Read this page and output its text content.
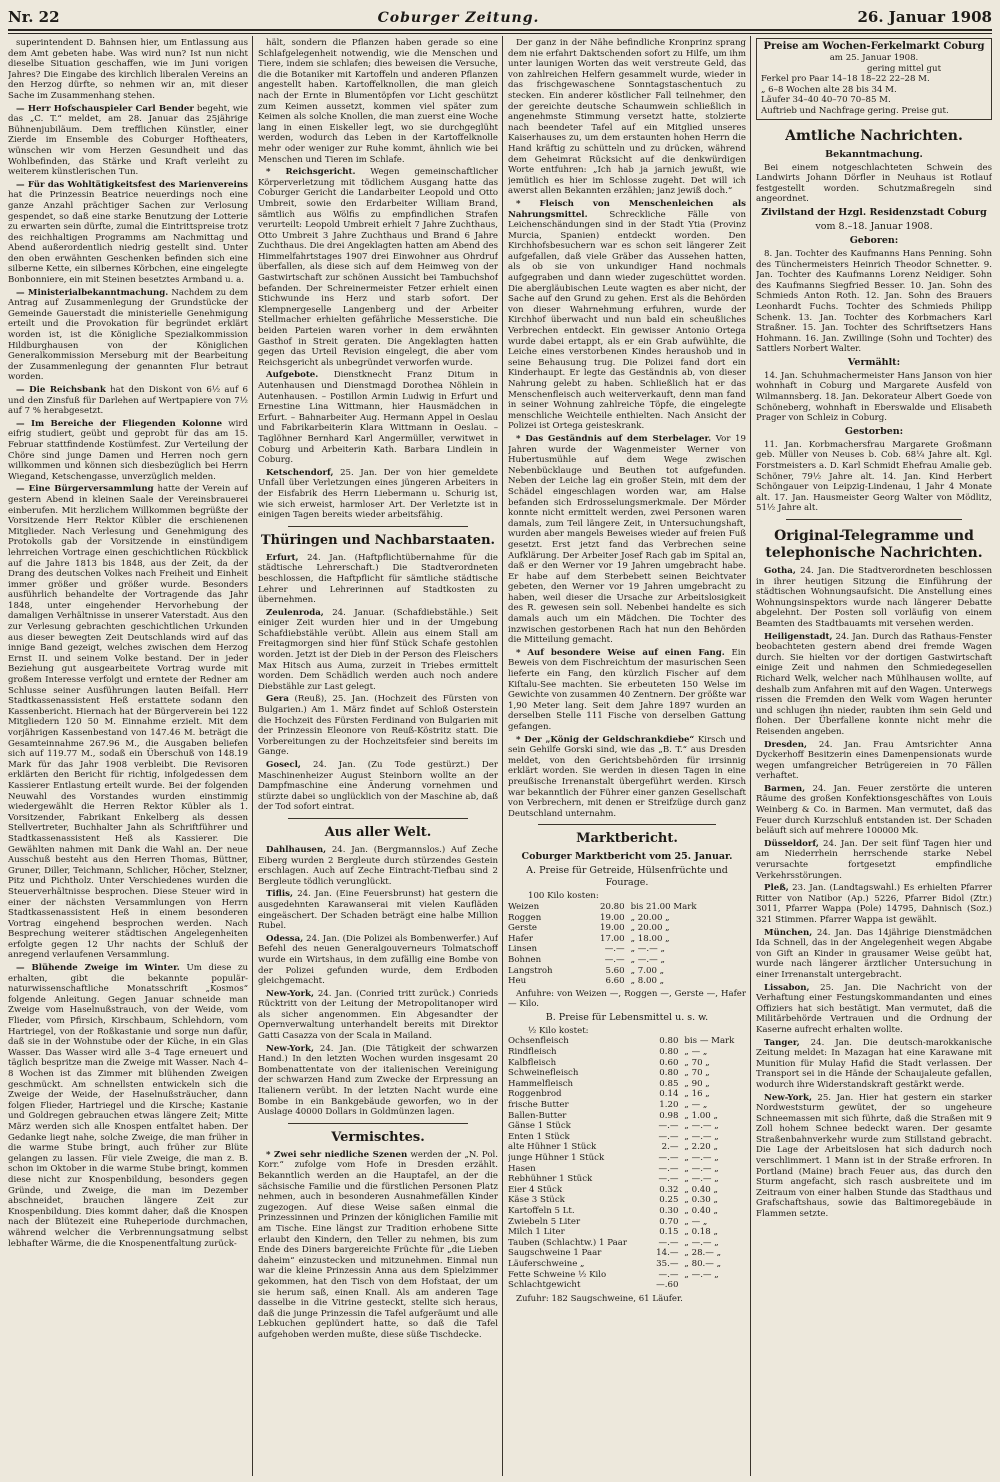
Nr. 22	Coburger Zeitung.	26. Januar 1908

superintendent D. Bahnsen hier, um Entlassung aus dem Amt gebeten habe. Was wird nun? Ist nun nicht dieselbe Situation geschaffen, wie im Juni vorigen Jahres? Die Eingabe des kirchlich liberalen Vereins an den Herzog dürfte, so nehmen wir an, mit dieser Sache im Zusammenhang stehen.

— Herr Hofschauspieler Carl Bender begeht, wie das „C. T.“ meldet, am 28. Januar das 25jährige Bühnenjubiläum. Dem trefflichen Künstler, einer Zierde im Ensemble des Coburger Hoftheaters, wünschen wir vom Herzen Gesundheit und das Wohlbefinden, das Stärke und Kraft verleiht zu weiterem künstlerischen Tun.

— Für das Wohltätigkeitsfest des Marienvereins hat die Prinzessin Beatrice neuerdings noch eine ganze Anzahl prächtiger Sachen zur Verlosung gespendet, so daß eine starke Benutzung der Lotterie zu erwarten sein dürfte, zumal die Eintrittspreise trotz des reichhaltigen Programms am Nachmittag und Abend außerordentlich niedrig gestellt sind. Unter den oben erwähnten Geschenken befinden sich eine silberne Kette, ein silbernes Körbchen, eine eingelegte Bonbonniere, ein mit Steinen besetztes Armband u. a.

— Ministerialbekanntmachung. Nachdem zu dem Antrag auf Zusammenlegung der Grundstücke der Gemeinde Gauerstadt die ministerielle Genehmigung erteilt und die Provokation für begründet erklärt worden ist, ist die Königliche Spezialkommission Hildburghausen von der Königlichen Generalkommission Merseburg mit der Bearbeitung der Zusammenlegung der genannten Flur betraut worden.

— Die Reichsbank hat den Diskont von 6½ auf 6 und den Zinsfuß für Darlehen auf Wertpapiere von 7½ auf 7 % herabgesetzt.

— Im Bereiche der Fliegenden Kolonne wird eifrig studiert, geübt und geprobt für das am 15. Februar stattfindende Kostümfest. Zur Verteilung der Chöre sind junge Damen und Herren noch gern willkommen und können sich diesbezüglich bei Herrn Wiegand, Ketschengasse, unverzüglich melden.

— Eine Bürgerversammlung hatte der Verein auf gestern Abend in kleinen Saale der Vereinsbrauerei einberufen. Mit herzlichem Willkommen begrüßte der Vorsitzende Herr Rektor Kübler die erschienenen Mitglieder. Nach Verlesung und Genehmigung des Protokolls gab der Vorsitzende in einstündigem lehrreichen Vortrage einen geschichtlichen Rückblick auf die Jahre 1813 bis 1848, aus der Zeit, da der Drang des deutschen Volkes nach Freiheit und Einheit immer größer und größer wurde. Besonders ausführlich behandelte der Vortragende das Jahr 1848, unter eingehender Hervorhebung der damaligen Verhältnisse in unserer Vaterstadt. Aus den zur Verlesung gebrachten geschichtlichen Urkunden aus dieser bewegten Zeit Deutschlands wird auf das innige Band gezeigt, welches zwischen dem Herzog Ernst II. und seinem Volke bestand. Der in jeder Beziehung gut ausgearbeitete Vortrag wurde mit großem Interesse verfolgt und erntete der Redner am Schlusse seiner Ausführungen lauten Beifall. Herr Stadtkassenassistent Heß erstattete sodann den Kassenbericht. Hiernach hat der Bürgerverein bei 122 Mitgliedern 120 50 M. Einnahme erzielt. Mit dem vorjährigen Kassenbestand von 147.46 M. beträgt die Gesamteinnahme 267.96 M., die Ausgaben beliefen sich auf 119.77 M., sodaß ein Überschuß von 148.19 Mark für das Jahr 1908 verbleibt. Die Revisoren erklärten den Bericht für richtig, infolgedessen dem Kassierer Entlastung erteilt wurde. Bei der folgenden Neuwahl des Vorstandes wurden einstimmig wiedergewählt die Herren Rektor Kübler als 1. Vorsitzender, Fabrikant Enkelberg als dessen Stellvertreter, Buchhalter Jahn als Schriftführer und Stadtkassenassistent Heß als Kassierer. Die Gewählten nahmen mit Dank die Wahl an. Der neue Ausschuß besteht aus den Herren Thomas, Büttner, Gruner, Diller, Teichmann, Schlicher, Höcher, Stelzner, Pitz und Pichtholz. Unter Verschiedenes wurden die Steuerverhältnisse besprochen. Diese Steuer wird in einer der nächsten Versammlungen von Herrn Stadtkassenassistent Heß in einem besonderen Vortrag eingehend besprochen werden. Nach Besprechung weiterer städtischen Angelegenheiten erfolgte gegen 12 Uhr nachts der Schluß der anregend verlaufenen Versammlung.

— Blühende Zweige im Winter. Um diese zu erhalten, gibt die bekannte populär-naturwissenschaftliche Monatsschrift „Kosmos“ folgende Anleitung. Gegen Januar schneide man Zweige vom Haselnußstrauch, von der Weide, vom Flieder, vom Pfirsich, Kirschbaum, Schlehdorn, vom Hartriegel, von der Roßkastanie und sorge nun dafür, daß sie in der Wohnstube oder der Küche, in ein Glas Wasser. Das Wasser wird alle 3–4 Tage erneuert und täglich bespritze man die Zweige mit Wasser. Nach 4–8 Wochen ist das Zimmer mit blühenden Zweigen geschmückt. Am schnellsten entwickeln sich die Zweige der Weide, der Haselnußsträucher, dann folgen Flieder, Hartriegel und die Kirsche; Kastanie und Goldregen gebrauchen etwas längere Zeit; Mitte März werden sich alle Knospen entfaltet haben. Der Gedanke liegt nahe, solche Zweige, die man früher in die warme Stube bringt, auch früher zur Blüte gelangen zu lassen. Für viele Zweige, die man z. B. schon im Oktober in die warme Stube bringt, kommen diese nicht zur Knospenbildung, besonders gegen Gründe, und Zweige, die man im Dezember abschneidet, brauchen längere Zeit zur Knospenbildung. Dies kommt daher, daß die Knospen nach der Blütezeit eine Ruheperiode durchmachen, während welcher die Verbrennungsatmung selbst lebhafter Wärme, die die Knospenentfaltung zurück-

hält, sondern die Pflanzen haben gerade so eine Schlafgelegenheit notwendig, wie die Menschen und Tiere, indem sie schlafen; dies beweisen die Versuche, die die Botaniker mit Kartoffeln und anderen Pflanzen angestellt haben. Kartoffelknollen, die man gleich nach der Ernte in Blumentöpfen vor Licht geschützt zum Keimen aussetzt, kommen viel später zum Keimen als solche Knollen, die man zuerst eine Woche lang in einen Eiskeller legt, wo sie durchgeglüht werden, wodurch das Leben in der Kartoffelknolle mehr oder weniger zur Ruhe kommt, ähnlich wie bei Menschen und Tieren im Schlafe.

* Reichsgericht. Wegen gemeinschaftlicher Körperverletzung mit tödlichem Ausgang hatte das Coburger Gericht die Landarbeiter Leopold und Otto Umbreit, sowie den Erdarbeiter William Brand, sämtlich aus Wölfis zu empfindlichen Strafen verurteilt: Leopold Umbreit erhielt 7 Jahre Zuchthaus, Otto Umbreit 3 Jahre Zuchthaus und Brand 6 Jahre Zuchthaus. Die drei Angeklagten hatten am Abend des Himmelfahrtstages 1907 drei Einwohner aus Ohrdruf überfallen, als diese sich auf dem Heimweg von der Gastwirtschaft zur schönen Aussicht bei Tambuchshof befanden. Der Schreinermeister Fetzer erhielt einen Stichwunde ins Herz und starb sofort. Der Klempnergeselle Langenberg und der Arbeiter Stellmacher erhielten gefährliche Messerstiche. Die beiden Parteien waren vorher in dem erwähnten Gasthof in Streit geraten. Die Angeklagten hatten gegen das Urteil Revision eingelegt, die aber vom Reichsgericht als unbegründet verworfen wurde.

Aufgebote. Dienstknecht Franz Ditum in Autenhausen und Dienstmagd Dorothea Nöhlein in Autenhausen. – Postillon Armin Ludwig in Erfurt und Ernestine Lina Wittmann, hier Hausmädchen in Erfurt. – Bahnarbeiter Aug. Hermann Appel in Oeslau und Fabrikarbeiterin Klara Wittmann in Oeslau. – Taglöhner Bernhard Karl Angermüller, verwitwet in Coburg und Arbeiterin Kath. Barbara Lindlein in Coburg.

Ketschendorf, 25. Jan. Der von hier gemeldete Unfall über Verletzungen eines jüngeren Arbeiters in der Eisfabrik des Herrn Liebermann u. Schurig ist, wie sich erweist, harmloser Art. Der Verletzte ist in einigen Tagen bereits wieder arbeitsfähig.

Thüringen und Nachbarstaaten.

Erfurt, 24. Jan. (Haftpflichtübernahme für die städtische Lehrerschaft.) Die Stadtverordneten beschlossen, die Haftpflicht für sämtliche städtische Lehrer und Lehrerinnen auf Stadtkosten zu übernehmen.

Zeulenroda, 24. Januar. (Schafdiebstähle.) Seit einiger Zeit wurden hier und in der Umgebung Schafdiebstähle verübt. Allein aus einem Stall am Freitagmorgen sind hier fünf Stück Schafe gestohlen worden. Jetzt ist der Dieb in der Person des Fleischers Max Hitsch aus Auma, zurzeit in Triebes ermittelt worden. Dem Schädlich werden auch noch andere Diebstähle zur Last gelegt.

Gera (Reuß), 25. Jan. (Hochzeit des Fürsten von Bulgarien.) Am 1. März findet auf Schloß Osterstein die Hochzeit des Fürsten Ferdinand von Bulgarien mit der Prinzessin Eleonore von Reuß-Köstritz statt. Die Vorbereitungen zu der Hochzeitsfeier sind bereits im Gange.

Gosecl, 24. Jan. (Zu Tode gestürzt.) Der Maschinenheizer August Steinborn wollte an der Dampfmaschine eine Änderung vornehmen und stürzte dabei so unglücklich von der Maschine ab, daß der Tod sofort eintrat.

Aus aller Welt.

Dahlhausen, 24. Jan. (Bergmannslos.) Auf Zeche Eiberg wurden 2 Bergleute durch stürzendes Gestein erschlagen. Auch auf Zeche Eintracht-Tiefbau sind 2 Bergleute tödlich verunglückt.

Tiflis, 24. Jan. (Eine Feuersbrunst) hat gestern die ausgedehnten Karawanserai mit vielen Kaufläden eingeäschert. Der Schaden beträgt eine halbe Million Rubel.

Odessa, 24. Jan. (Die Polizei als Bombenwerfer.) Auf Befehl des neuen Generalgouverneurs Tolmatschoff wurde ein Wirtshaus, in dem zufällig eine Bombe von der Polizei gefunden wurde, dem Erdboden gleichgemacht.

New-York, 24. Jan. (Conried tritt zurück.) Conrieds Rücktritt von der Leitung der Metropolitanoper wird als sicher angenommen. Ein Abgesandter der Opernverwaltung unterhandelt bereits mit Direktor Gatti Casazza von der Scala in Mailand.

New-York, 24. Jan. (Die Tätigkeit der schwarzen Hand.) In den letzten Wochen wurden insgesamt 20 Bombenattentate von der italienischen Vereinigung der schwarzen Hand zum Zwecke der Erpressung an Italienern verübt. In der letzten Nacht wurde eine Bombe in ein Bankgebäude geworfen, wo in der Auslage 40000 Dollars in Goldmünzen lagen.

Vermischtes.

* Zwei sehr niedliche Szenen werden der „N. Pol. Korr.“ zufolge vom Hofe in Dresden erzählt. Bekanntlich werden an die Hauptafel, an der die sächsische Familie und die fürstlichen Personen Platz nehmen, auch in besonderen Ausnahmefällen Kinder zugezogen. Auf diese Weise saßen einmal die Prinzessinnen und Prinzen der königlichen Familie mit am Tische. Eine längst zur Tradition erhobene Sitte erlaubt den Kindern, den Teller zu nehmen, bis zum Ende des Diners bargereichte Früchte für „die Lieben daheim“ einzustecken und mitzunehmen. Einmal nun war die kleine Prinzessin Anna aus dem Spielzimmer gekommen, hat den Tisch von dem Hofstaat, der um sie herum saß, einen Knall. Als am anderen Tage dasselbe in die Vitrine gesteckt, stellte sich heraus, daß die junge Prinzessin die Tafel aufgeräumt und alle Lebkuchen geplündert hatte, so daß die Tafel aufgehoben werden mußte, diese süße Tischdecke.

Der ganz in der Nähe befindliche Kronprinz sprang dem nie erfahrt Daktschenden sofort zu Hilfe, um ihm unter launigen Worten das weit verstreute Geld, das von zahlreichen Helfern gesammelt wurde, wieder in das frischgewaschene Sonntagstaschentuch zu stecken. Ein anderer köstlicher Fall teilnehmer, den der gereichte deutsche Schaumwein schließlich in angenehmste Stimmung versetzt hatte, stolzierte nach beendeter Tafel auf ein Mitglied unseres Kaiserhauses zu, um dem erstaunten hohen Herrn die Hand kräftig zu schütteln und zu drücken, während dem Geheimrat Rücksicht auf die denkwürdigen Worte entfuhren: „Ich hab ja jarnich jewußt, wie jemütlich es hier im Schlosse zugeht. Det will ich awerst allen Bekannten erzählen; janz jewiß doch.“

* Fleisch von Menschenleichen als Nahrungsmittel.	Schreckliche Fälle von Leichenschändungen sind in der Stadt Ytia (Provinz Murcia, Spanien) entdeckt worden. Den Kirchhofsbesuchern war es schon seit längerer Zeit aufgefallen, daß viele Gräber das Aussehen hatten, als ob sie von unkundiger Hand nochmals aufgegraben und dann wieder zugeschüttet worden. Die abergläubischen Leute wagten es aber nicht, der Sache auf den Grund zu gehen. Erst als die Behörden von dieser Wahrnehmung erfuhren, wurde der Kirchhof überwacht und nun bald ein scheußliches Verbrechen entdeckt. Ein gewisser Antonio Ortega wurde dabei ertappt, als er ein Grab aufwühlte, die Leiche eines verstorbenen Kindes heraushob und in seine Behausung trug. Die Polizei fand dort ein Kinderhaupt. Er legte das Geständnis ab, von dieser Nahrung gelebt zu haben. Schließlich hat er das Menschenfleisch auch weiterverkauft, denn man fand in seiner Wohnung zahlreiche Töpfe, die eingelegte menschliche Weichteile enthielten. Nach Ansicht der Polizei ist Ortega geisteskrank.

* Das Geständnis auf dem Sterbelager. Vor 19 Jahren wurde der Wagenmeister Werner von Hubertusmühle auf dem Wege zwischen Nebenbücklauge und Beuthen tot aufgefunden. Neben der Leiche lag ein großer Stein, mit dem der Schädel eingeschlagen worden war, am Halse befanden sich Erdrosselungsmerkmale. Der Mörder konnte nicht ermittelt werden, zwei Personen waren damals, zum Teil längere Zeit, in Untersuchungshaft, wurden aber mangels Beweises wieder auf freien Fuß gesetzt. Erst jetzt fand das Verbrechen seine Aufklärung. Der Arbeiter Josef Rach gab im Spital an, daß er den Werner vor 19 Jahren umgebracht habe. Er habe auf dem Sterbebett seinen Beichtvater gebeten, den Werner vor 19 Jahren umgebracht zu haben, weil dieser die Ursache zur Arbeitslosigkeit des R. gewesen sein soll. Nebenbei handelte es sich damals auch um ein Mädchen. Die Tochter des inzwischen gestorbenen Rach hat nun den Behörden die Mitteilung gemacht.

* Auf besondere Weise auf einen Fang. Ein Beweis von dem Fischreichtum der masurischen Seen lieferte ein Fang, den kürzlich Fischer auf dem Kiſtalu-See machten. Sie erbeuteten 150 Welse im Gewichte von zusammen 40 Zentnern. Der größte war 1,90 Meter lang. Seit dem Jahre 1897 wurden an derselben Stelle 111 Fische von derselben Gattung gefangen.

* Der „König der Geldschrankdiebe“ Kirsch und sein Gehilfe Gorski sind, wie das „B. T.“ aus Dresden meldet, von den Gerichtsbehörden für irrsinnig erklärt worden. Sie werden in diesen Tagen in eine preußische Irrenanstalt übergeführt werden. Kirsch war bekanntlich der Führer einer ganzen Gesellschaft von Verbrechern, mit denen er Streifzüge durch ganz Deutschland unternahm.

Marktbericht.
Coburger Marktbericht vom 25. Januar.
A. Preise für Getreide, Hülsenfrüchte und Fourage.
100 Kilo kosten:
Weizen	20.80	bis 21.00 Mark
Roggen	19.00	„ 20.00 „
Gerste	19.00	„ 20.00 „
Hafer	17.00	„ 18.00 „
Linsen	—.—	„ —.— „
Bohnen	—.—	„ —.— „
Langstroh	5.60	„ 7.00 „
Heu	6.60	„ 8.00 „

Anfuhre: von Weizen —, Roggen —, Gerste —, Hafer — Kilo.

B. Preise für Lebensmittel u. s. w.
½ Kilo kostet:
Ochsenfleisch	0.80	bis — Mark
Rindfleisch	0.80	„ — „
Kalbfleisch	0.60	„ 70 „
Schweinefleisch	0.80	„ 70 „
Hammelfleisch	0.85	„ 90 „
Roggenbrod	0.14	„ 16 „
frische Butter	1.20	„ — „
Ballen-Butter	0.98	„ 1.00 „
Gänse 1 Stück	—.—	„ —.— „
Enten 1 Stück	—.—	„ —.— „
alte Hühner 1 Stück	2.—	„ 2.20 „
junge Hühner 1 Stück	—.—	„ —.— „
Hasen	—.—	„ —.— „
Rebhühner 1 Stück	—.—	„ —.— „
Eier 4 Stück	0.32	„ 0.40 „
Käse 3 Stück	0.25	„ 0.30 „
Kartoffeln 5 Lt.	0.30	„ 0.40 „
Zwiebeln 5 Liter	0.70	„ — „
Milch 1 Liter	0.15	„ 0.18 „
Tauben (Schlachtw.) 1 Paar	—.—	„ —.— „
Saugschweine 1 Paar	14.—	„ 28.— „
Läuferschweine „	35.—	„ 80.— „
Fette Schweine ½ Kilo	—.—	„ —.— „
Schlachtgewicht	—.60	

Zufuhr: 182 Saugschweine, 61 Läufer.

Preise am Wochen-Ferkelmarkt Coburg
am 25. Januar 1908.
gering mittel gut
Ferkel pro Paar 14–18 18–22 22–28 M.
„ 6–8 Wochen alte 28 bis 34 M.
Läufer 34–40 40–70 70–85 M.
Auftrieb und Nachfrage gering. Preise gut.
Amtliche Nachrichten.
Bekanntmachung.

Bei einem notgeschlachteten Schwein des Landwirts Johann Dörfler in Neuhaus ist Rotlauf festgestellt worden. Schutzmaßregeln sind angeordnet.

Zivilstand der Hzgl. Residenzstadt Coburg
vom 8.–18. Januar 1908.
Geboren:

8. Jan. Tochter des Kaufmanns Hans Penning. Sohn des Tünchermeisters Heinrich Theodor Schnetter. 9. Jan. Tochter des Kaufmanns Lorenz Neidiger. Sohn des Kaufmanns Siegfried Besser. 10. Jan. Sohn des Schmieds Anton Roth. 12. Jan. Sohn des Brauers Leonhardt Fuchs. Tochter des Schmieds Philipp Schenk. 13. Jan. Tochter des Korbmachers Karl Straßner. 15. Jan. Tochter des Schriftsetzers Hans Hohmann. 16. Jan. Zwillinge (Sohn und Tochter) des Sattlers Norbert Walter.

Vermählt:

14. Jan. Schuhmachermeister Hans Janson von hier wohnhaft in Coburg und Margarete Ausfeld von Wilmannsberg. 18. Jan. Dekorateur Albert Goede von Schöneberg, wohnhaft in Eberswalde und Elisabeth Prager von Schleiz in Coburg.

Gestorben:

11. Jan. Korbmachersfrau Margarete Großmann geb. Müller von Neuses b. Cob. 68¼ Jahre alt. Kgl. Forstmeisters a. D. Karl Schmidt Ehefrau Amalie geb. Schöner, 79½ Jahre alt. 14. Jan. Kind Herbert Schöngauer von Leipzig-Lindenau, 1 Jahr 4 Monate alt. 17. Jan. Hausmeister Georg Walter von Mödlitz, 51½ Jahre alt.

Original-Telegramme und telephonische Nachrichten.

Gotha, 24. Jan. Die Stadtverordneten beschlossen in ihrer heutigen Sitzung die Einführung der städtischen Wohnungsaufsicht. Die Anstellung eines Wohnungsinspektors wurde nach längerer Debatte abgelehnt. Der Posten soll vorläufig von einem Beamten des Stadtbauamts mit versehen werden.

Heiligenstadt, 24. Jan. Durch das Rathaus-Fenster beobachteten gestern abend drei fremde Wagen durch. Sie hielten vor der dortigen Gastwirtschaft einige Zeit und nahmen den Schmiedegesellen Richard Welk, welcher nach Mühlhausen wollte, auf deshalb zum Anfahren mit auf den Wagen. Unterwegs rissen die Fremden den Welk vom Wagen herunter und schlugen ihn nieder, raubten ihm sein Geld und flohen. Der Überfallene konnte nicht mehr die Reisenden angeben.

Dresden, 24. Jan. Frau Amtsrichter Anna Dyckerhoff Besitzerin eines Damenpensionats wurde wegen umfangreicher Betrügereien in 70 Fällen verhaftet.

Barmen, 24. Jan. Feuer zerstörte die unteren Räume des großen Konfektionsgeschäftes von Louis Weinberg & Co. in Barmen. Man vermutet, daß das Feuer durch Kurzschluß entstanden ist. Der Schaden beläuft sich auf mehrere 100000 Mk.

Düsseldorf, 24. Jan. Der seit fünf Tagen hier und am Niederrhein herrschende starke Nebel verursachte fortgesetzt empfindliche Verkehrsstörungen.

Pleß, 23. Jan. (Landtagswahl.) Es erhielten Pfarrer Ritter von Natibor (Ap.) 5226, Pfarrer Bidol (Ztr.) 3011, Pfarrer Wappa (Pole) 14795, Dahnisch (Soz.) 321 Stimmen. Pfarrer Wappa ist gewählt.

München, 24. Jan. Das 14jährige Dienstmädchen Ida Schnell, das in der Angelegenheit wegen Abgabe von Gift an Kinder in grausamer Weise geübt hat, wurde nach längerer ärztlicher Untersuchung in einer Irrenanstalt untergebracht.

Lissabon, 25. Jan. Die Nachricht von der Verhaftung einer Festungskommandanten und eines Offiziers hat sich bestätigt. Man vermutet, daß die Militärbehörde Vertrauen und die Ordnung der Kaserne aufrecht erhalten wollte.

Tanger, 24. Jan. Die deutsch-marokkanische Zeitung meldet: In Mazagan hat eine Karawane mit Munition für Mulay Hafid die Stadt verlassen. Der Transport sei in die Hände der Schaujaleute gefallen, wodurch ihre Widerstandskraft gestärkt werde.

New-York, 25. Jan. Hier hat gestern ein starker Nordweststurm gewütet, der so ungeheure Schneemassen mit sich führte, daß die Straßen mit 9 Zoll hohem Schnee bedeckt waren. Der gesamte Straßenbahnverkehr wurde zum Stillstand gebracht. Die Lage der Arbeitslosen hat sich dadurch noch verschlimmert. 1 Mann ist in der Straße erfroren. In Portland (Maine) brach Feuer aus, das durch den Sturm angefacht, sich rasch ausbreitete und im Zeitraum von einer halben Stunde das Stadthaus und Grafschaftshaus, sowie das Baltimoregebäude in Flammen setzte.
